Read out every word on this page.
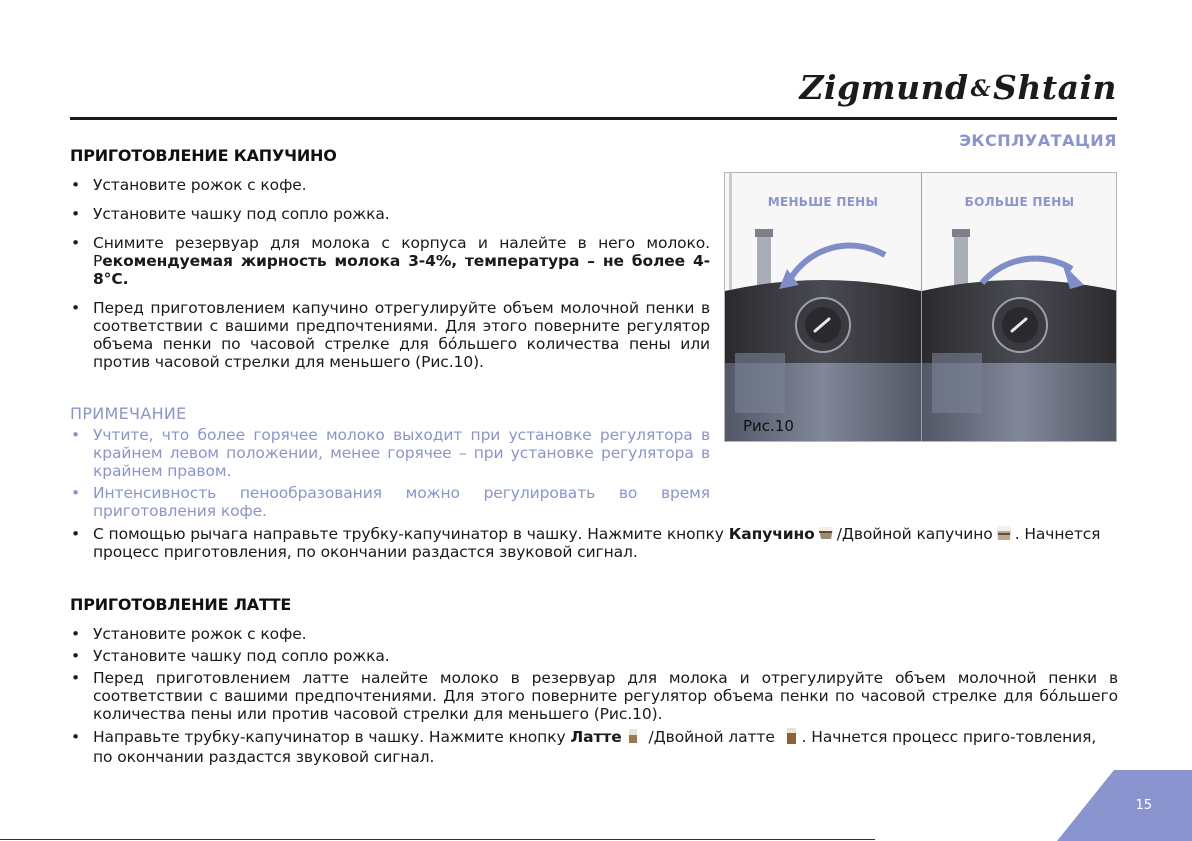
Zigmund&Shtain
ЭКСПЛУАТАЦИЯ
ПРИГОТОВЛЕНИЕ КАПУЧИНО
• Установите рожок с кофе.
• Установите чашку под сопло рожка.
• Снимите резервуар для молока с корпуса и налейте в него молоко. Рекомендуемая жирность молока 3-4%, температура – не более 4-8°С.
• Перед приготовлением капучино отрегулируйте объем молочной пенки в соответствии с вашими предпочтениями. Для этого поверните регулятор объема пенки по часовой стрелке для бóльшего количества пены или против часовой стрелки для меньшего (Рис.10).
ПРИМЕЧАНИЕ
• Учтите, что более горячее молоко выходит при установке регулятора в крайнем левом положении, менее горячее – при установке регулятора в крайнем правом.
• Интенсивность пенообразования можно регулировать во время приготовления кофе.
• С помощью рычага направьте трубку-капучинатор в чашку. Нажмите кнопку Капучино /Двойной капучино . Начнется процесс приготовления, по окончании раздастся звуковой сигнал.
МЕНЬШЕ ПЕНЫ
Рис.10
БОЛЬШЕ ПЕНЫ
ПРИГОТОВЛЕНИЕ ЛАТТЕ
• Установите рожок с кофе.
• Установите чашку под сопло рожка.
• Перед приготовлением латте налейте молоко в резервуар для молока и отрегулируйте объем молочной пенки в соответствии с вашими предпочтениями. Для этого поверните регулятор объема пенки по часовой стрелке для бóльшего количества пены или против часовой стрелки для меньшего (Рис.10).
• Направьте трубку-капучинатор в чашку. Нажмите кнопку Латте /Двойной латте . Начнется процесс приго-товления, по окончании раздастся звуковой сигнал.
15
